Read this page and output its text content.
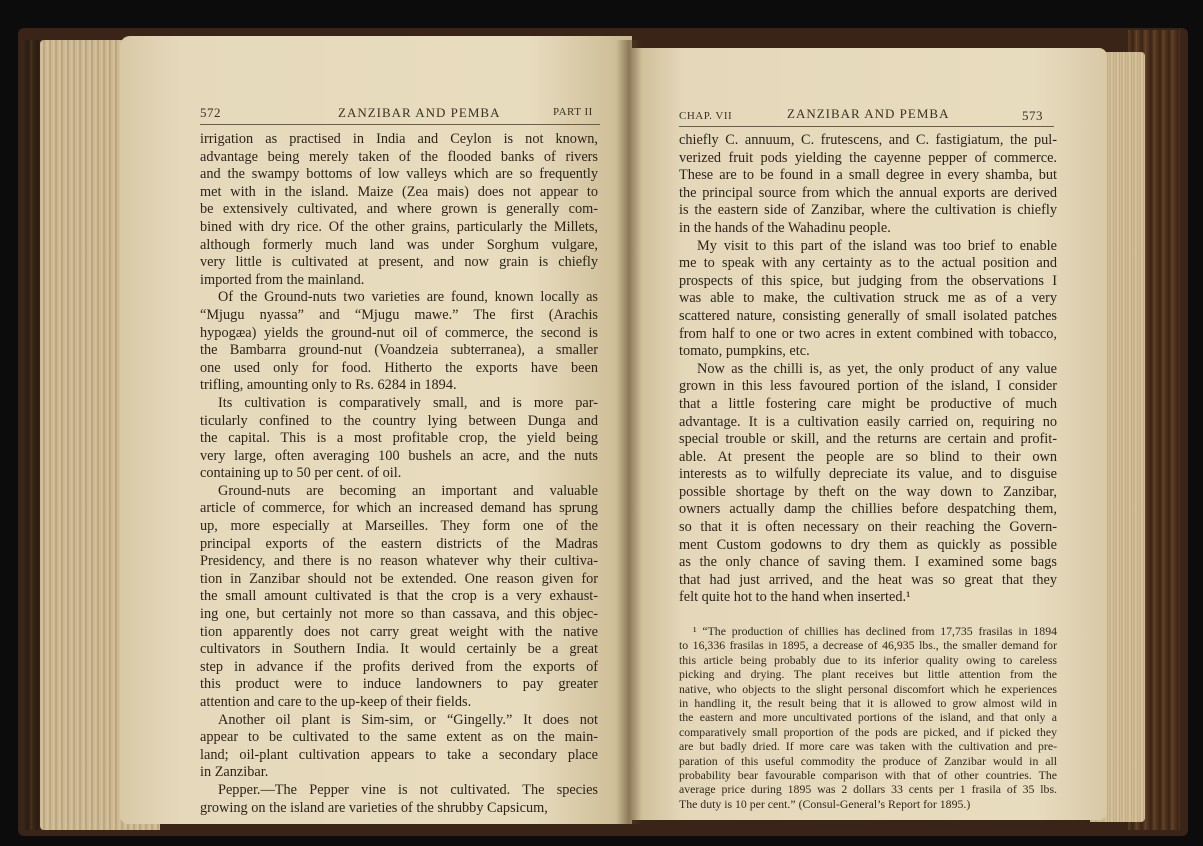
572	ZANZIBAR AND PEMBA	PART II

irrigation as practised in India and Ceylon is not known,

advantage being merely taken of the flooded banks of rivers

and the swampy bottoms of low valleys which are so frequently

met with in the island. Maize (Zea mais) does not appear to

be extensively cultivated, and where grown is generally com-

bined with dry rice. Of the other grains, particularly the Millets,

although formerly much land was under Sorghum vulgare,

very little is cultivated at present, and now grain is chiefly

imported from the mainland.

Of the Ground-nuts two varieties are found, known locally as

“Mjugu nyassa” and “Mjugu mawe.” The first (Arachis

hypogæa) yields the ground-nut oil of commerce, the second is

the Bambarra ground-nut (Voandzeia subterranea), a smaller

one used only for food. Hitherto the exports have been

trifling, amounting only to Rs. 6284 in 1894.

Its cultivation is comparatively small, and is more par-

ticularly confined to the country lying between Dunga and

the capital. This is a most profitable crop, the yield being

very large, often averaging 100 bushels an acre, and the nuts

containing up to 50 per cent. of oil.

Ground-nuts are becoming an important and valuable

article of commerce, for which an increased demand has sprung

up, more especially at Marseilles. They form one of the

principal exports of the eastern districts of the Madras

Presidency, and there is no reason whatever why their cultiva-

tion in Zanzibar should not be extended. One reason given for

the small amount cultivated is that the crop is a very exhaust-

ing one, but certainly not more so than cassava, and this objec-

tion apparently does not carry great weight with the native

cultivators in Southern India. It would certainly be a great

step in advance if the profits derived from the exports of

this product were to induce landowners to pay greater

attention and care to the up-keep of their fields.

Another oil plant is Sim-sim, or “Gingelly.” It does not

appear to be cultivated to the same extent as on the main-

land; oil-plant cultivation appears to take a secondary place

in Zanzibar.

Pepper.—The Pepper vine is not cultivated. The species

growing on the island are varieties of the shrubby Capsicum,

CHAP. VII	ZANZIBAR AND PEMBA	573

chiefly C. annuum, C. frutescens, and C. fastigiatum, the pul-

verized fruit pods yielding the cayenne pepper of commerce.

These are to be found in a small degree in every shamba, but

the principal source from which the annual exports are derived

is the eastern side of Zanzibar, where the cultivation is chiefly

in the hands of the Wahadinu people.

My visit to this part of the island was too brief to enable

me to speak with any certainty as to the actual position and

prospects of this spice, but judging from the observations I

was able to make, the cultivation struck me as of a very

scattered nature, consisting generally of small isolated patches

from half to one or two acres in extent combined with tobacco,

tomato, pumpkins, etc.

Now as the chilli is, as yet, the only product of any value

grown in this less favoured portion of the island, I consider

that a little fostering care might be productive of much

advantage. It is a cultivation easily carried on, requiring no

special trouble or skill, and the returns are certain and profit-

able. At present the people are so blind to their own

interests as to wilfully depreciate its value, and to disguise

possible shortage by theft on the way down to Zanzibar,

owners actually damp the chillies before despatching them,

so that it is often necessary on their reaching the Govern-

ment Custom godowns to dry them as quickly as possible

as the only chance of saving them. I examined some bags

that had just arrived, and the heat was so great that they

felt quite hot to the hand when inserted.¹

¹ “The production of chillies has declined from 17,735 frasilas in 1894

to 16,336 frasilas in 1895, a decrease of 46,935 lbs., the smaller demand for

this article being probably due to its inferior quality owing to careless

picking and drying. The plant receives but little attention from the

native, who objects to the slight personal discomfort which he experiences

in handling it, the result being that it is allowed to grow almost wild in

the eastern and more uncultivated portions of the island, and that only a

comparatively small proportion of the pods are picked, and if picked they

are but badly dried. If more care was taken with the cultivation and pre-

paration of this useful commodity the produce of Zanzibar would in all

probability bear favourable comparison with that of other countries. The

average price during 1895 was 2 dollars 33 cents per 1 frasila of 35 lbs.

The duty is 10 per cent.” (Consul-General’s Report for 1895.)
